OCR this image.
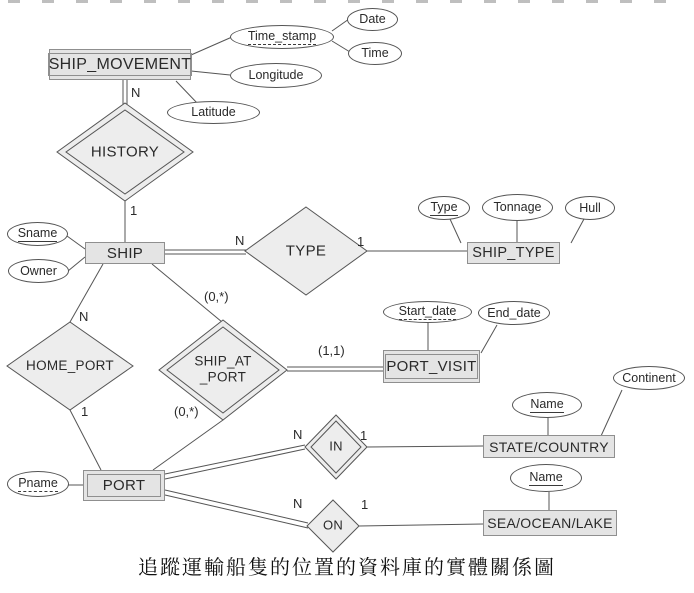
SHIP_MOVEMENT
SHIP	SHIP_TYPE
PORT_VISIT
PORT
STATE/COUNTRY
SEA/OCEAN/LAKE
Time_stamp
Date
Time
Longitude
Latitude
Sname
Owner
Type	Tonnage	Hull
Start_date End_date
Pname
Name
Continent
Name
HISTORY
TYPE
SHIP_AT
_PORT
HOME_PORT
IN
ON
N
1
N	1
(0,*)
(1,1)
(0,*)
N
1
N	1
N	1
追蹤運輸船隻的位置的資料庫的實體關係圖
